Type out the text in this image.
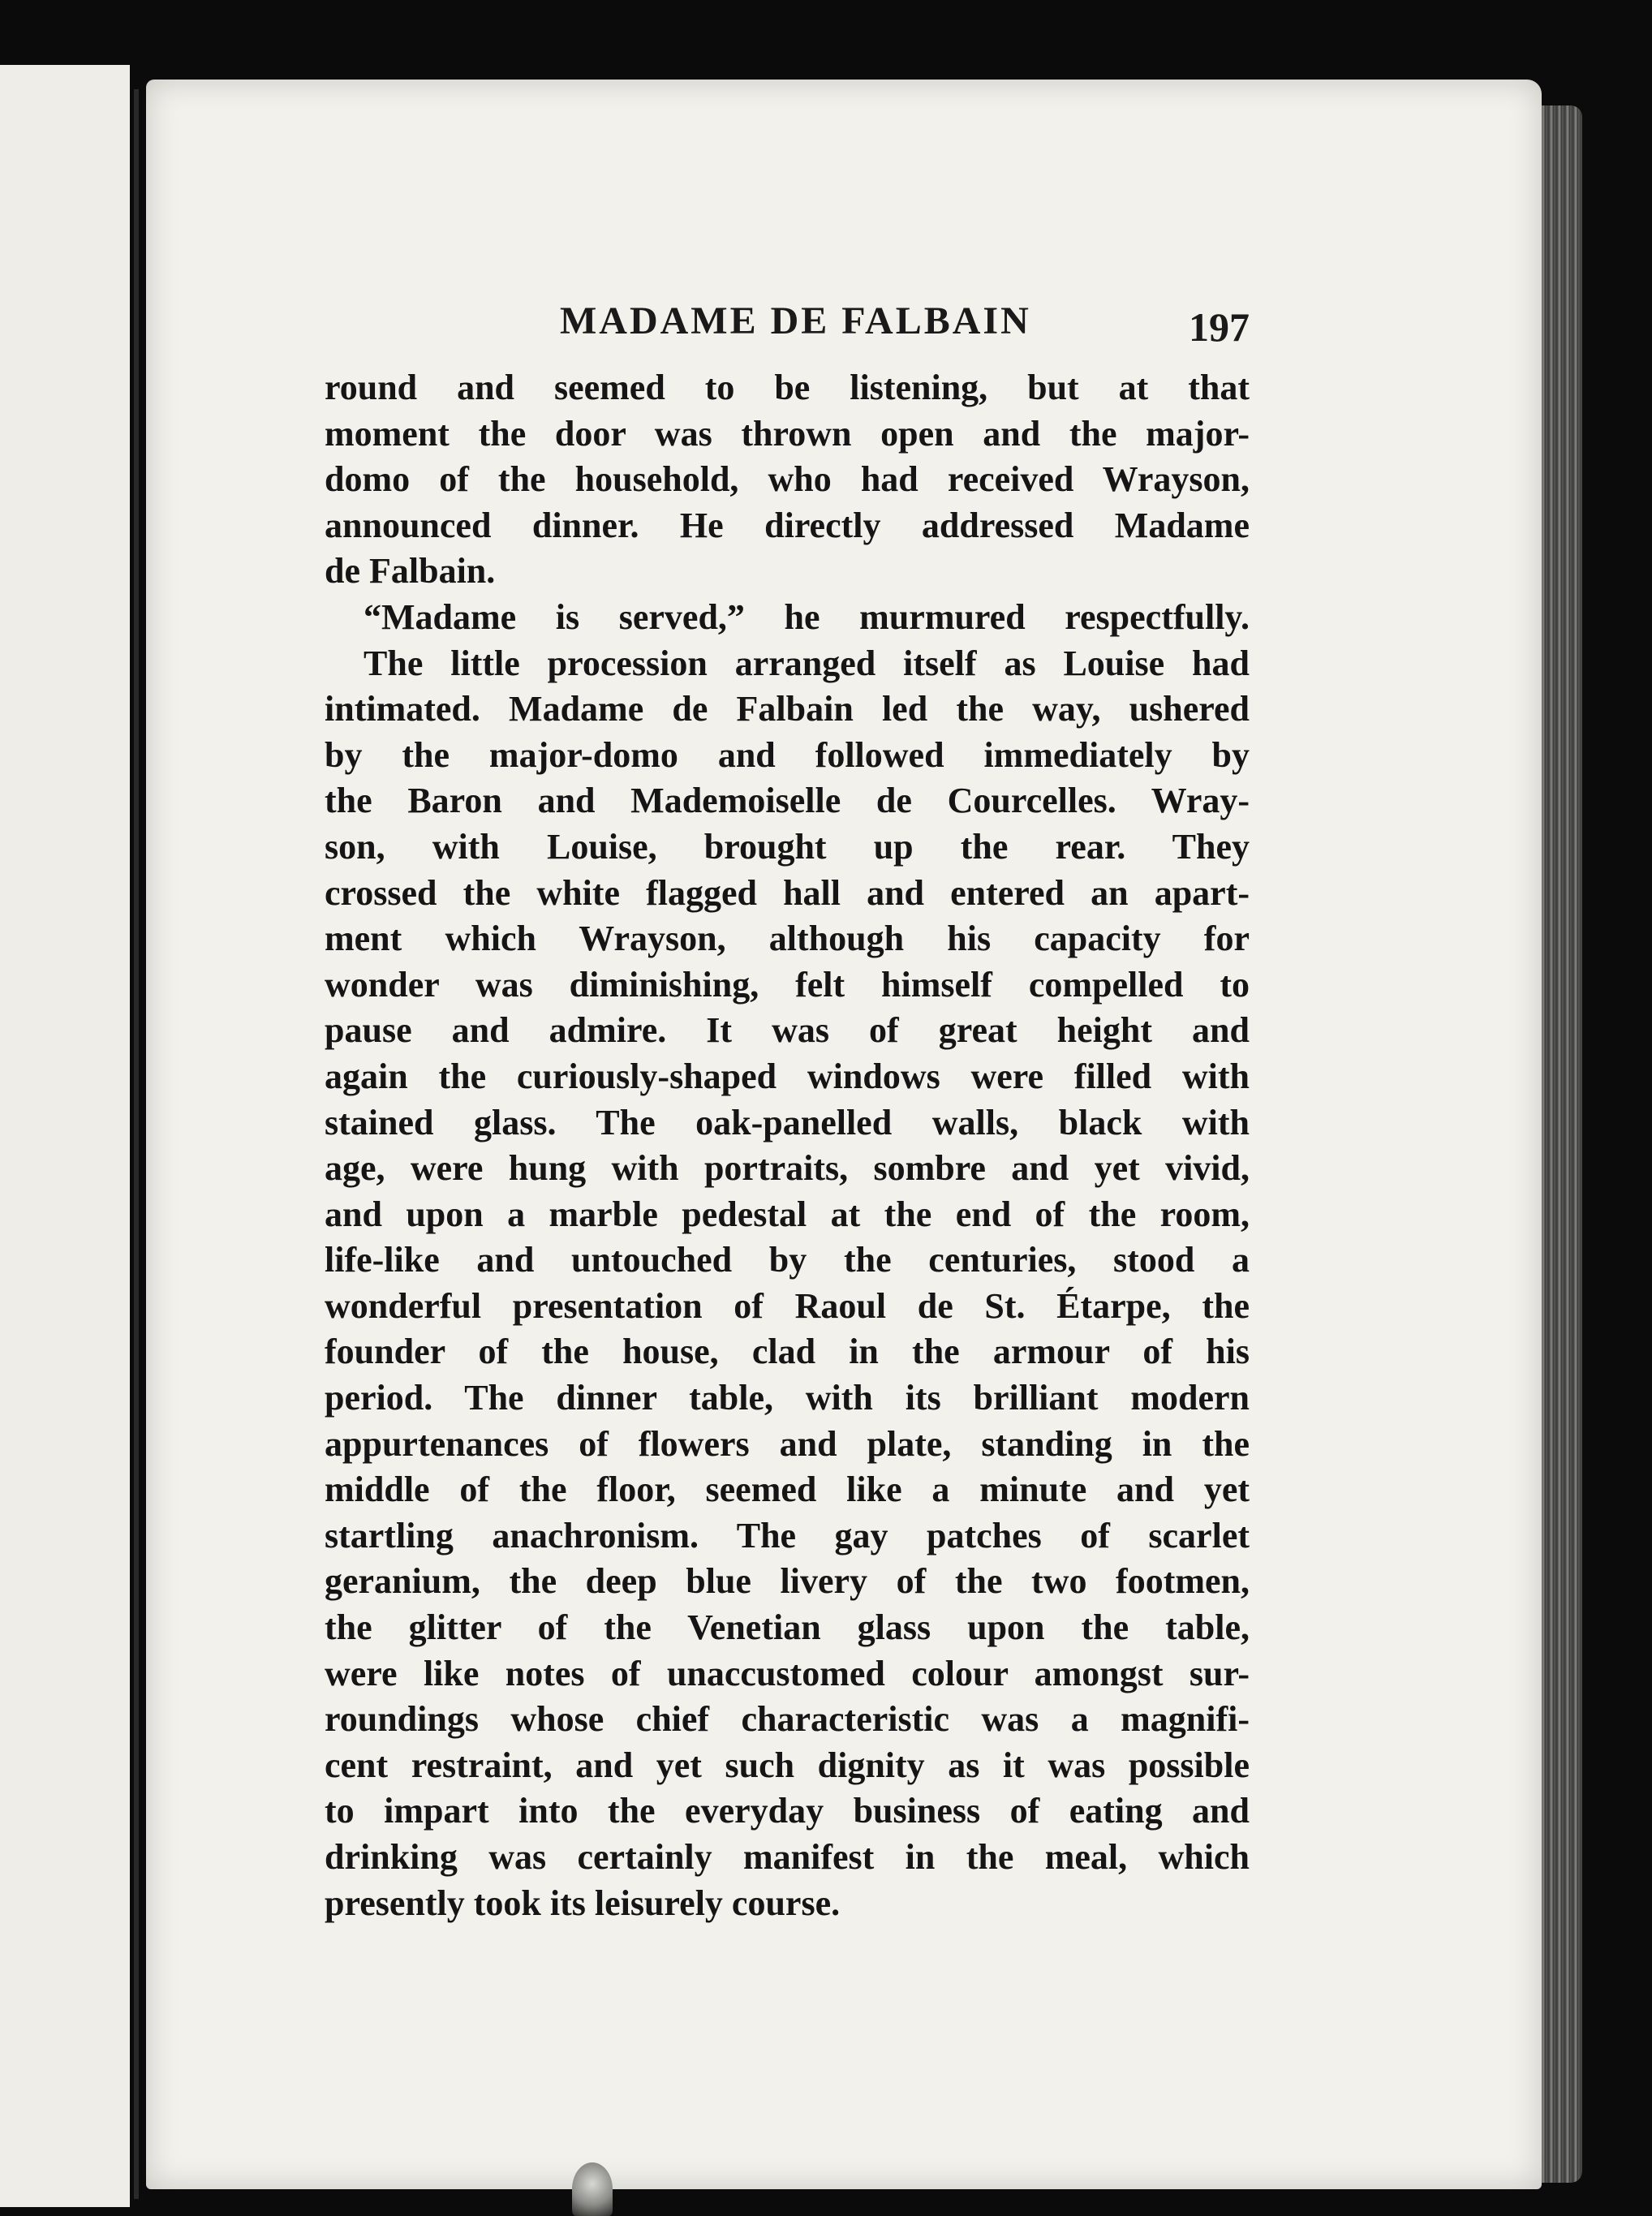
MADAME DE FALBAIN	197
round and seemed to be listening, but at that
moment the door was thrown open and the major-
domo of the household, who had received Wrayson,
announced dinner. He directly addressed Madame
de Falbain.
“Madame is served,” he murmured respectfully.
The little procession arranged itself as Louise had
intimated. Madame de Falbain led the way, ushered
by the major-domo and followed immediately by
the Baron and Mademoiselle de Courcelles. Wray-
son, with Louise, brought up the rear. They
crossed the white flagged hall and entered an apart-
ment which Wrayson, although his capacity for
wonder was diminishing, felt himself compelled to
pause and admire. It was of great height and
again the curiously-shaped windows were filled with
stained glass. The oak-panelled walls, black with
age, were hung with portraits, sombre and yet vivid,
and upon a marble pedestal at the end of the room,
life-like and untouched by the centuries, stood a
wonderful presentation of Raoul de St. Étarpe, the
founder of the house, clad in the armour of his
period. The dinner table, with its brilliant modern
appurtenances of flowers and plate, standing in the
middle of the floor, seemed like a minute and yet
startling anachronism. The gay patches of scarlet
geranium, the deep blue livery of the two footmen,
the glitter of the Venetian glass upon the table,
were like notes of unaccustomed colour amongst sur-
roundings whose chief characteristic was a magnifi-
cent restraint, and yet such dignity as it was possible
to impart into the everyday business of eating and
drinking was certainly manifest in the meal, which
presently took its leisurely course.
